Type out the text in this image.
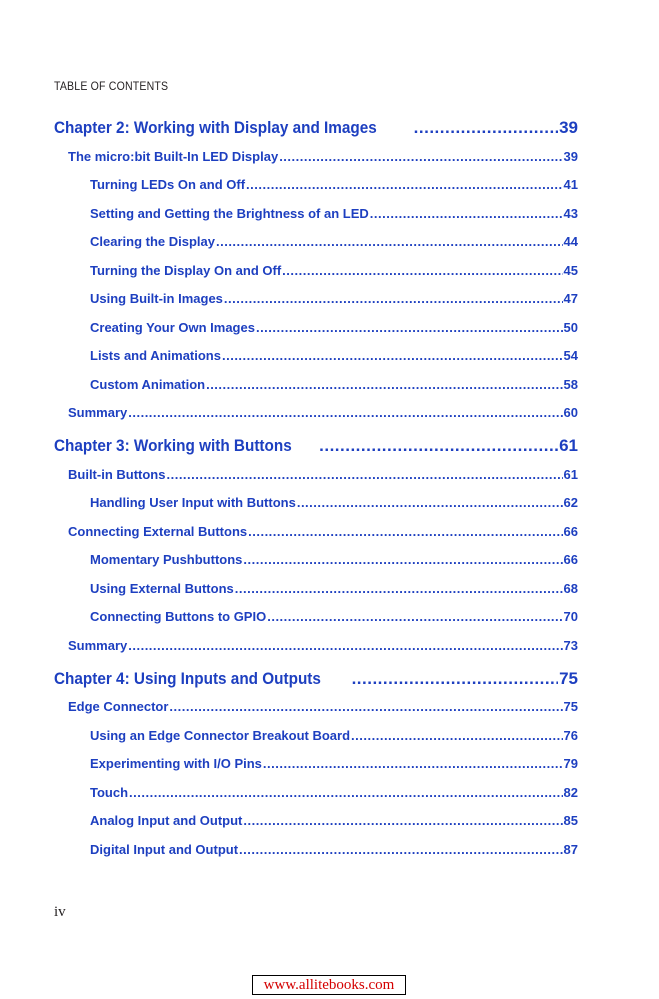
TABLE OF CONTENTS
Chapter 2: Working with Display and Images .....	39
The micro:bit Built-In LED Display .....	39
Turning LEDs On and Off .....	41
Setting and Getting the Brightness of an LED .....	43
Clearing the Display .....	44
Turning the Display On and Off .....	45
Using Built-in Images .....	47
Creating Your Own Images .....	50
Lists and Animations .....	54
Custom Animation .....	58
Summary .....	60
Chapter 3: Working with Buttons .....	61
Built-in Buttons .....	61
Handling User Input with Buttons .....	62
Connecting External Buttons .....	66
Momentary Pushbuttons .....	66
Using External Buttons .....	68
Connecting Buttons to GPIO .....	70
Summary .....	73
Chapter 4: Using Inputs and Outputs .....	75
Edge Connector .....	75
Using an Edge Connector Breakout Board .....	76
Experimenting with I/O Pins .....	79
Touch .....	82
Analog Input and Output .....	85
Digital Input and Output .....	87
iv
www.allitebooks.com
